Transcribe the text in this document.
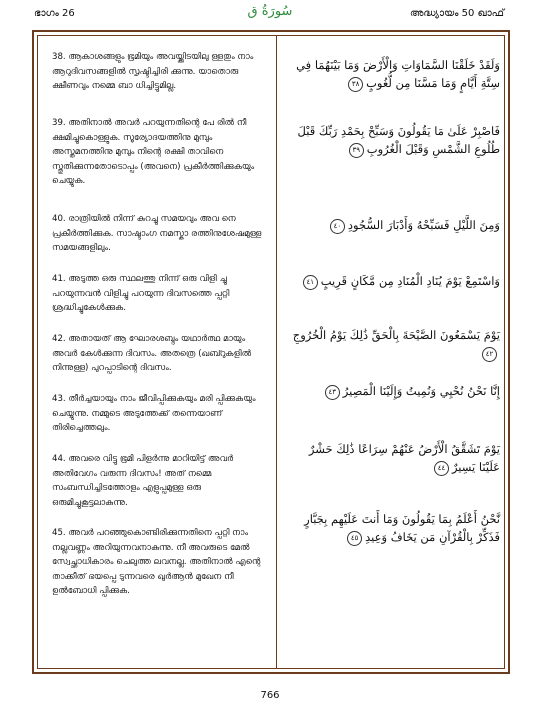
ഭാഗം 26	سُورَةُ ق	അദ്ധ്യായം 50 ഖാഫ്

38. ആകാശങ്ങളും ഭൂമിയും അവയ്ക്കിടയിലു ള്ളതും നാം ആറുദിവസങ്ങളിൽ സൃഷ്ടിച്ചിരി ക്കുന്നു. യാതൊരു ക്ഷീണവും നമ്മെ ബാ ധിച്ചിട്ടുമില്ല.

39. അതിനാൽ അവർ പറയുന്നതിന്റെ പേ രിൽ നീ ക്ഷമിച്ചുകൊള്ളുക. സൂര്യോദയത്തിനു മുമ്പും അസ്തമനത്തിനു മുമ്പും നിന്റെ രക്ഷി താവിനെ സ്തുതിക്കുന്നതോടൊപ്പം (അവനെ) പ്രകീർത്തിക്കുകയും ചെയ്യുക.

40. രാത്രിയിൽ നിന്ന് കുറച്ചു സമയവും അവ നെ പ്രകീർത്തിക്കുക. സാഷ്ടാംഗ നമസ്കാ രത്തിനുശേഷമുള്ള സമയങ്ങളിലും.

41. അടുത്ത ഒരു സ്ഥലത്തു നിന്ന് ഒരു വിളി ച്ചു പറയുന്നവൻ വിളിച്ചു പറയുന്ന ദിവസത്തെ പ്പറ്റി ശ്രദ്ധിച്ചുകേൾക്കുക.

42. അതായത് ആ ഘോരശബ്ദം യഥാർത്ഥ മായും അവർ കേൾക്കുന്ന ദിവസം. അതത്രെ (ഖബ്റുകളിൽ നിന്നുള്ള) പുറപ്പാടിന്റെ ദിവസം.

43. തീർച്ചയായും നാം ജീവിപ്പിക്കുകയും മരി പ്പിക്കുകയും ചെയ്യുന്നു. നമ്മുടെ അടുത്തേക്ക് തന്നെയാണ് തിരിച്ചെത്തലും.

44. അവരെ വിട്ടു ഭൂമി പിളർന്നു മാറിയിട്ട് അവർ അതിവേഗം വരുന്ന ദിവസം! അത് നമ്മെ സംബന്ധിച്ചിടത്തോളം എളുപ്പമുള്ള ഒരു ഒരുമിച്ചുകൂട്ടലാകുന്നു.

45. അവർ പറഞ്ഞുകൊണ്ടിരിക്കുന്നതിനെ പ്പറ്റി നാം നല്ലവണ്ണം അറിയുന്നവനാകുന്നു. നീ അവരുടെ മേൽ സ്വേച്ഛാധികാരം ചെലുത്ത ലവനല്ല. അതിനാൽ എന്റെ താക്കീത് ഭയപ്പെ ടുന്നവരെ ഖുർആൻ മുഖേന നീ ഉൽബോധി പ്പിക്കുക.

وَلَقَدْ خَلَقْنَا السَّمَاوَاتِ وَالْأَرْضَ وَمَا بَيْنَهُمَا فِي سِتَّةِ أَيَّامٍ وَمَا مَسَّنَا مِن لُّغُوبٍ٣٨

فَاصْبِرْ عَلَىٰ مَا يَقُولُونَ وَسَبِّحْ بِحَمْدِ رَبِّكَ قَبْلَ طُلُوعِ الشَّمْسِ وَقَبْلَ الْغُرُوبِ٣٩

وَمِنَ اللَّيْلِ فَسَبِّحْهُ وَأَدْبَارَ السُّجُودِ٤٠

وَاسْتَمِعْ يَوْمَ يُنَادِ الْمُنَادِ مِن مَّكَانٍ قَرِيبٍ٤١

يَوْمَ يَسْمَعُونَ الصَّيْحَةَ بِالْحَقِّ ذَٰلِكَ يَوْمُ الْخُرُوجِ٤٢

إِنَّا نَحْنُ نُحْيِي وَنُمِيتُ وَإِلَيْنَا الْمَصِيرُ٤٣

يَوْمَ تَشَقَّقُ الْأَرْضُ عَنْهُمْ سِرَاعًا ذَٰلِكَ حَشْرٌ عَلَيْنَا يَسِيرٌ٤٤

نَّحْنُ أَعْلَمُ بِمَا يَقُولُونَ وَمَا أَنتَ عَلَيْهِم بِجَبَّارٍ فَذَكِّرْ بِالْقُرْآنِ مَن يَخَافُ وَعِيدِ٤٥

766
